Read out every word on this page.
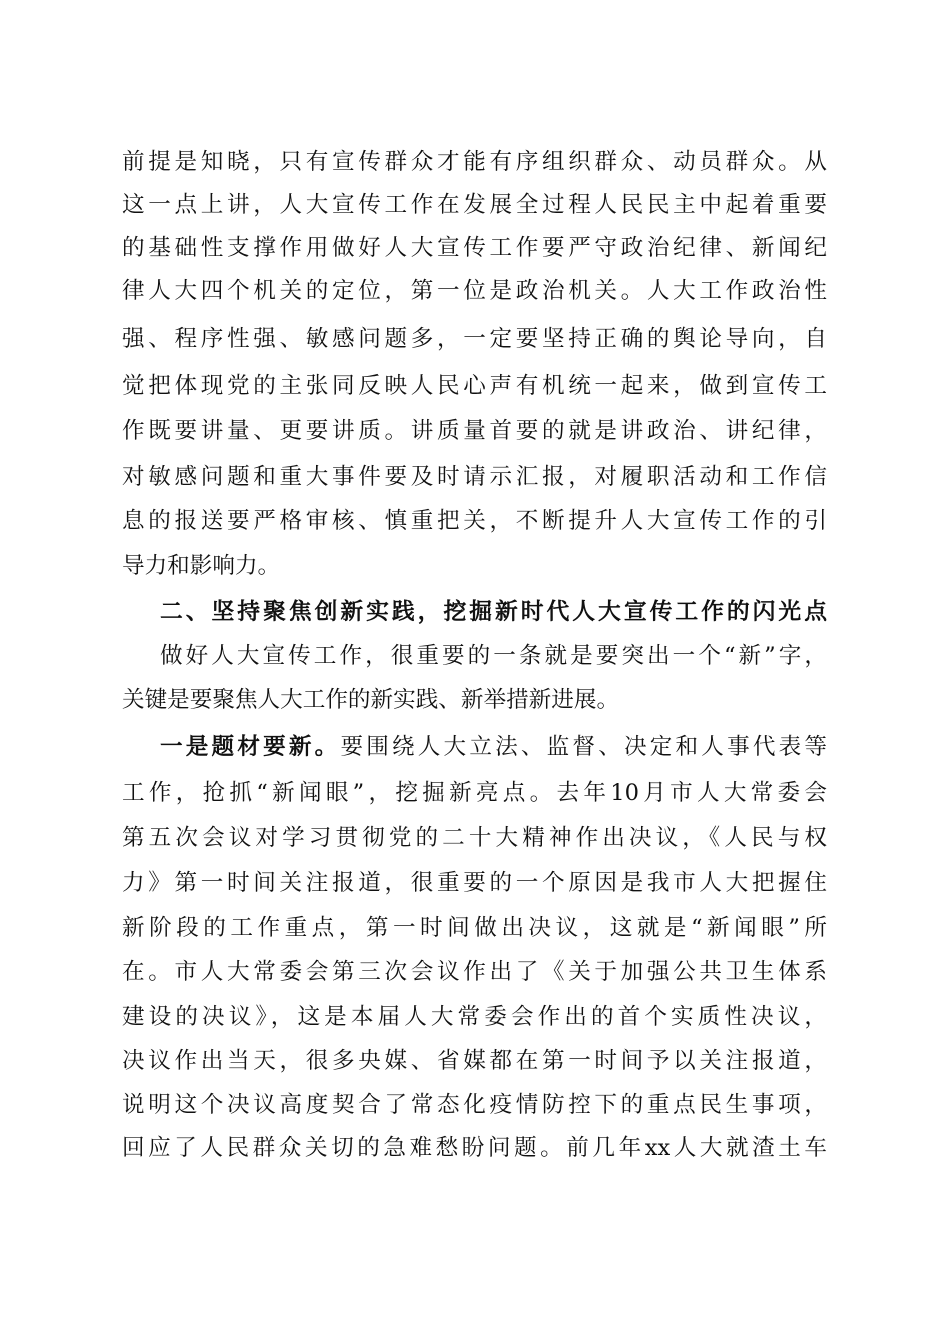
前提是知晓，只有宣传群众才能有序组织群众、动员群众。从
这一点上讲，人大宣传工作在发展全过程人民民主中起着重要
的基础性支撑作用做好人大宣传工作要严守政治纪律、新闻纪
律人大四个机关的定位，第一位是政治机关。人大工作政治性
强、程序性强、敏感问题多，一定要坚持正确的舆论导向，自
觉把体现党的主张同反映人民心声有机统一起来，做到宣传工
作既要讲量、更要讲质。讲质量首要的就是讲政治、讲纪律，
对敏感问题和重大事件要及时请示汇报，对履职活动和工作信
息的报送要严格审核、慎重把关，不断提升人大宣传工作的引
导力和影响力。
二、坚持聚焦创新实践，挖掘新时代人大宣传工作的闪光点
做好人大宣传工作，很重要的一条就是要突出一个“新”字，
关键是要聚焦人大工作的新实践、新举措新进展。
一是题材要新。要围绕人大立法、监督、决定和人事代表等
工作，抢抓“新闻眼”，挖掘新亮点。去年10月市人大常委会
第五次会议对学习贯彻党的二十大精神作出决议，《人民与权
力》第一时间关注报道，很重要的一个原因是我市人大把握住
新阶段的工作重点，第一时间做出决议，这就是“新闻眼”所
在。市人大常委会第三次会议作出了《关于加强公共卫生体系
建设的决议》，这是本届人大常委会作出的首个实质性决议，
决议作出当天，很多央媒、省媒都在第一时间予以关注报道，
说明这个决议高度契合了常态化疫情防控下的重点民生事项，
回应了人民群众关切的急难愁盼问题。前几年xx人大就渣土车
